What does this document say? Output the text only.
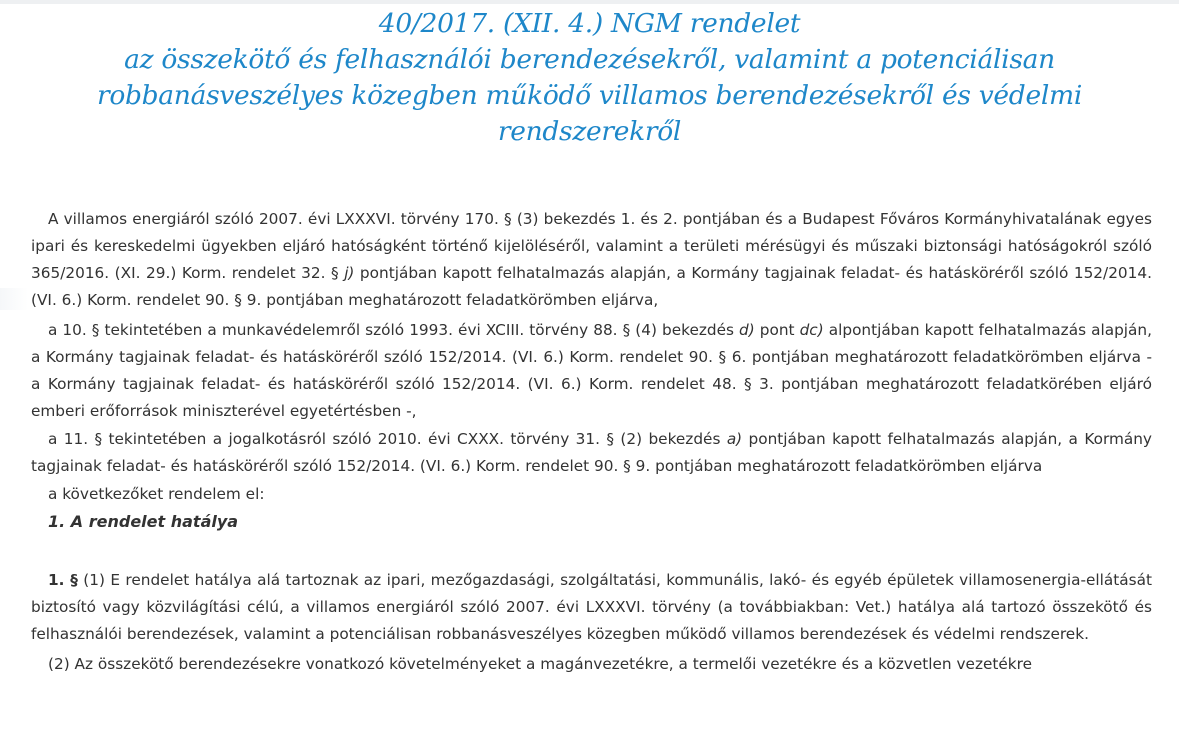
40/2017. (XII. 4.) NGM rendelet
az összekötő és felhasználói berendezésekről, valamint a potenciálisan
robbanásveszélyes közegben működő villamos berendezésekről és védelmi
rendszerekről

A villamos energiáról szóló 2007. évi LXXXVI. törvény 170. § (3) bekezdés 1. és 2. pontjában és a Budapest Főváros Kormányhivatalának egyes ipari és kereskedelmi ügyekben eljáró hatóságként történő kijelöléséről, valamint a területi mérésügyi és műszaki biztonsági hatóságokról szóló 365/2016. (XI. 29.) Korm. rendelet 32. § j) pontjában kapott felhatalmazás alapján, a Kormány tagjainak feladat- és hatásköréről szóló 152/2014. (VI. 6.) Korm. rendelet 90. § 9. pontjában meghatározott feladatkörömben eljárva,

a 10. § tekintetében a munkavédelemről szóló 1993. évi XCIII. törvény 88. § (4) bekezdés d) pont dc) alpontjában kapott felhatalmazás alapján, a Kormány tagjainak feladat- és hatásköréről szóló 152/2014. (VI. 6.) Korm. rendelet 90. § 6. pontjában meghatározott feladatkörömben eljárva - a Kormány tagjainak feladat- és hatásköréről szóló 152/2014. (VI. 6.) Korm. rendelet 48. § 3. pontjában meghatározott feladatkörében eljáró emberi erőforrások miniszterével egyetértésben -,

a 11. § tekintetében a jogalkotásról szóló 2010. évi CXXX. törvény 31. § (2) bekezdés a) pontjában kapott felhatalmazás alapján, a Kormány tagjainak feladat- és hatásköréről szóló 152/2014. (VI. 6.) Korm. rendelet 90. § 9. pontjában meghatározott feladatkörömben eljárva

a következőket rendelem el:

1. A rendelet hatálya

1. § (1) E rendelet hatálya alá tartoznak az ipari, mezőgazdasági, szolgáltatási, kommunális, lakó- és egyéb épületek villamosenergia-ellátását biztosító vagy közvilágítási célú, a villamos energiáról szóló 2007. évi LXXXVI. törvény (a továbbiakban: Vet.) hatálya alá tartozó összekötő és felhasználói berendezések, valamint a potenciálisan robbanásveszélyes közegben működő villamos berendezések és védelmi rendszerek.

(2) Az összekötő berendezésekre vonatkozó követelményeket a magánvezetékre, a termelői vezetékre és a közvetlen vezetékre
